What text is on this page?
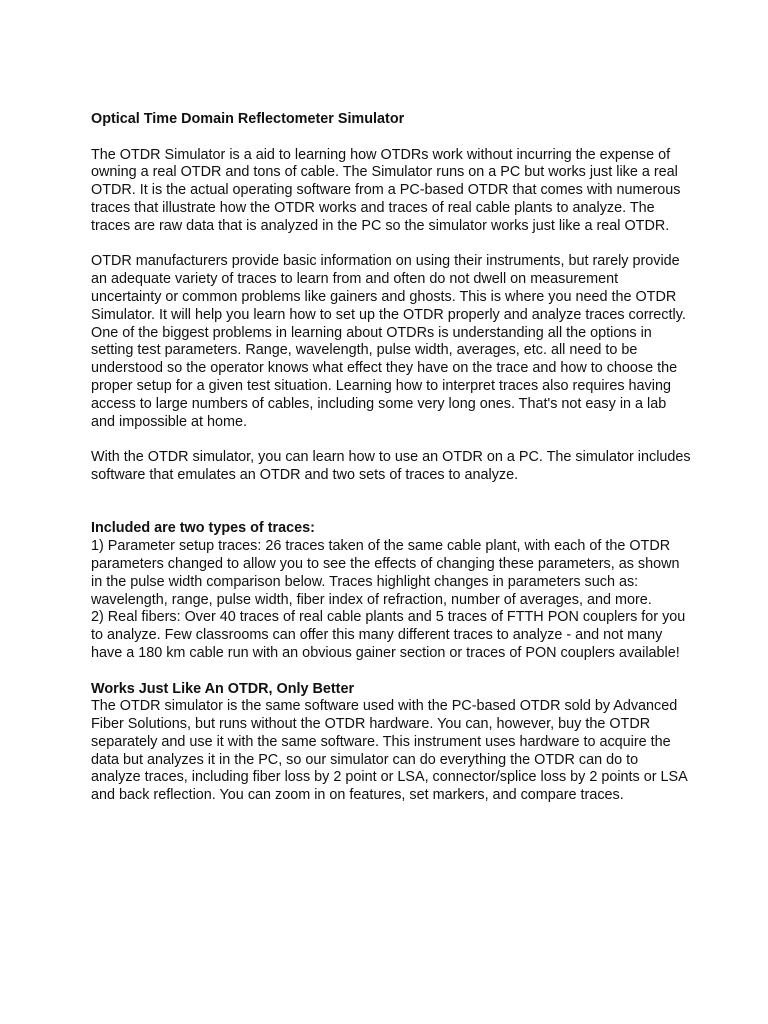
Optical Time Domain Reflectometer Simulator

The OTDR Simulator is a aid to learning how OTDRs work without incurring the expense of owning a real OTDR and tons of cable. The Simulator runs on a PC but works just like a real OTDR. It is the actual operating software from a PC-based OTDR that comes with numerous traces that illustrate how the OTDR works and traces of real cable plants to analyze. The traces are raw data that is analyzed in the PC so the simulator works just like a real OTDR.

OTDR manufacturers provide basic information on using their instruments, but rarely provide an adequate variety of traces to learn from and often do not dwell on measurement uncertainty or common problems like gainers and ghosts. This is where you need the OTDR Simulator. It will help you learn how to set up the OTDR properly and analyze traces correctly.

One of the biggest problems in learning about OTDRs is understanding all the options in setting test parameters. Range, wavelength, pulse width, averages, etc. all need to be understood so the operator knows what effect they have on the trace and how to choose the proper setup for a given test situation. Learning how to interpret traces also requires having access to large numbers of cables, including some very long ones. That's not easy in a lab and impossible at home.

With the OTDR simulator, you can learn how to use an OTDR on a PC. The simulator includes software that emulates an OTDR and two sets of traces to analyze.

Included are two types of traces:

1) Parameter setup traces: 26 traces taken of the same cable plant, with each of the OTDR parameters changed to allow you to see the effects of changing these parameters, as shown in the pulse width comparison below. Traces highlight changes in parameters such as: wavelength, range, pulse width, fiber index of refraction, number of averages, and more.

2) Real fibers: Over 40 traces of real cable plants and 5 traces of FTTH PON couplers for you to analyze. Few classrooms can offer this many different traces to analyze - and not many have a 180 km cable run with an obvious gainer section or traces of PON couplers available!

Works Just Like An OTDR, Only Better

The OTDR simulator is the same software used with the PC-based OTDR sold by Advanced Fiber Solutions, but runs without the OTDR hardware. You can, however, buy the OTDR separately and use it with the same software. This instrument uses hardware to acquire the data but analyzes it in the PC, so our simulator can do everything the OTDR can do to analyze traces, including fiber loss by 2 point or LSA, connector/splice loss by 2 points or LSA and back reflection. You can zoom in on features, set markers, and compare traces.
